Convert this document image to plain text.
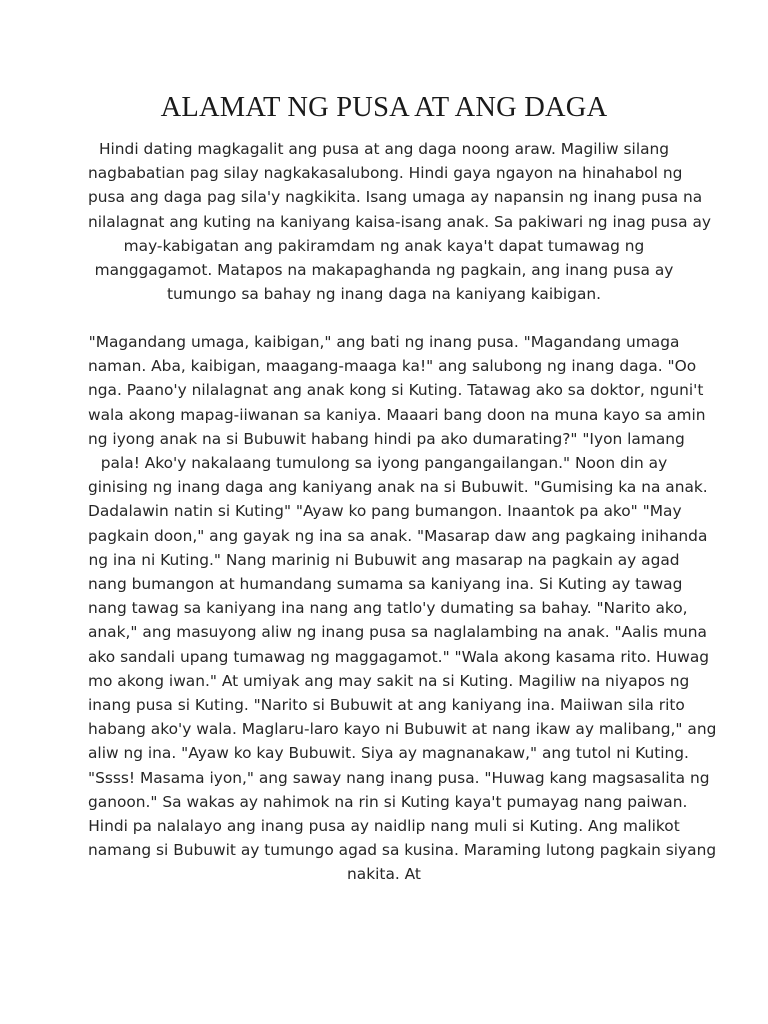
ALAMAT NG PUSA AT ANG DAGA
Hindi dating magkagalit ang pusa at ang daga noong araw. Magiliw silang
nagbabatian pag silay nagkakasalubong. Hindi gaya ngayon na hinahabol ng
pusa ang daga pag sila'y nagkikita. Isang umaga ay napansin ng inang pusa na
nilalagnat ang kuting na kaniyang kaisa-isang anak. Sa pakiwari ng inag pusa ay
may-kabigatan ang pakiramdam ng anak kaya't dapat tumawag ng
manggagamot. Matapos na makapaghanda ng pagkain, ang inang pusa ay
tumungo sa bahay ng inang daga na kaniyang kaibigan.
"Magandang umaga, kaibigan," ang bati ng inang pusa. "Magandang umaga
naman. Aba, kaibigan, maagang-maaga ka!" ang salubong ng inang daga. "Oo
nga. Paano'y nilalagnat ang anak kong si Kuting. Tatawag ako sa doktor, nguni't
wala akong mapag-iiwanan sa kaniya. Maaari bang doon na muna kayo sa amin
ng iyong anak na si Bubuwit habang hindi pa ako dumarating?" "Iyon lamang
pala! Ako'y nakalaang tumulong sa iyong pangangailangan." Noon din ay
ginising ng inang daga ang kaniyang anak na si Bubuwit. "Gumising ka na anak.
Dadalawin natin si Kuting" "Ayaw ko pang bumangon. Inaantok pa ako" "May
pagkain doon," ang gayak ng ina sa anak. "Masarap daw ang pagkaing inihanda
ng ina ni Kuting." Nang marinig ni Bubuwit ang masarap na pagkain ay agad
nang bumangon at humandang sumama sa kaniyang ina. Si Kuting ay tawag
nang tawag sa kaniyang ina nang ang tatlo'y dumating sa bahay. "Narito ako,
anak," ang masuyong aliw ng inang pusa sa naglalambing na anak. "Aalis muna
ako sandali upang tumawag ng maggagamot." "Wala akong kasama rito. Huwag
mo akong iwan." At umiyak ang may sakit na si Kuting. Magiliw na niyapos ng
inang pusa si Kuting. "Narito si Bubuwit at ang kaniyang ina. Maiiwan sila rito
habang ako'y wala. Maglaru-laro kayo ni Bubuwit at nang ikaw ay malibang," ang
aliw ng ina. "Ayaw ko kay Bubuwit. Siya ay magnanakaw," ang tutol ni Kuting.
"Ssss! Masama iyon," ang saway nang inang pusa. "Huwag kang magsasalita ng
ganoon." Sa wakas ay nahimok na rin si Kuting kaya't pumayag nang paiwan.
Hindi pa nalalayo ang inang pusa ay naidlip nang muli si Kuting. Ang malikot
namang si Bubuwit ay tumungo agad sa kusina. Maraming lutong pagkain siyang
nakita. At
